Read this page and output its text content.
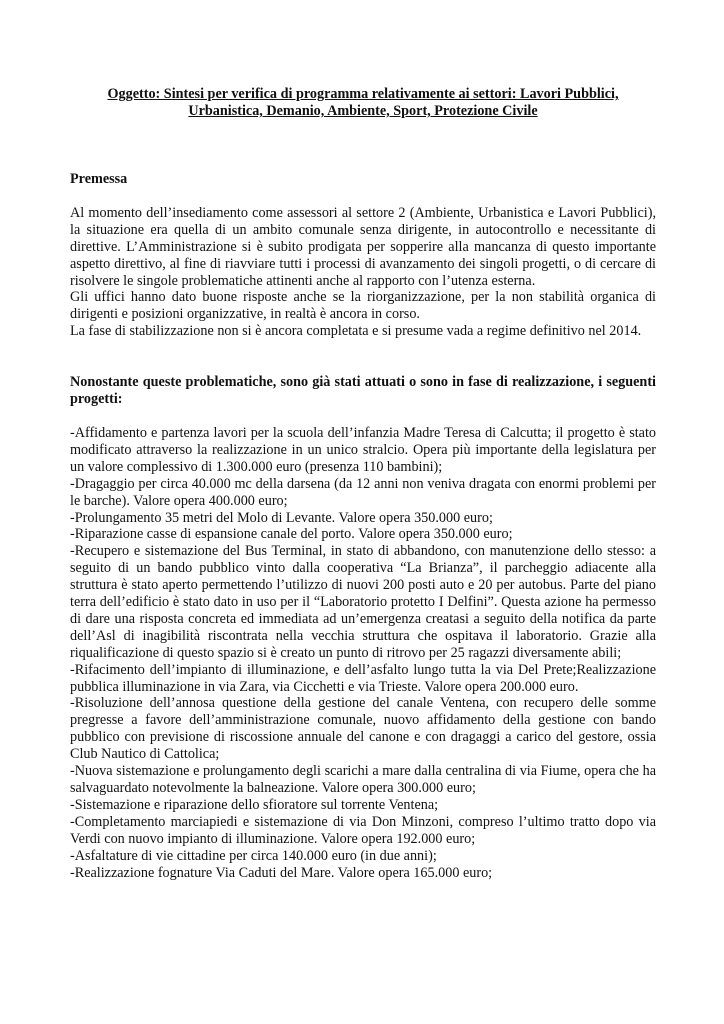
Oggetto: Sintesi per verifica di programma relativamente ai settori: Lavori Pubblici,
Urbanistica, Demanio, Ambiente, Sport, Protezione Civile

Premessa

Al momento dell’insediamento come assessori al settore 2 (Ambiente, Urbanistica e Lavori Pubblici), la situazione era quella di un ambito comunale senza dirigente, in autocontrollo e necessitante di direttive. L’Amministrazione si è subito prodigata per sopperire alla mancanza di questo importante aspetto direttivo, al fine di riavviare tutti i processi di avanzamento dei singoli progetti, o di cercare di risolvere le singole problematiche attinenti anche al rapporto con l’utenza esterna.

Gli uffici hanno dato buone risposte anche se la riorganizzazione, per la non stabilità organica di dirigenti e posizioni organizzative, in realtà è ancora in corso.

La fase di stabilizzazione non si è ancora completata e si presume vada a regime definitivo nel 2014.

Nonostante queste problematiche, sono già stati attuati o sono in fase di realizzazione, i seguenti progetti:

-Affidamento e partenza lavori per la scuola dell’infanzia Madre Teresa di Calcutta; il progetto è stato modificato attraverso la realizzazione in un unico stralcio. Opera più importante della legislatura per un valore complessivo di 1.300.000 euro (presenza 110 bambini);

-Dragaggio per circa 40.000 mc della darsena (da 12 anni non veniva dragata con enormi problemi per le barche). Valore opera 400.000 euro;

-Prolungamento 35 metri del Molo di Levante. Valore opera 350.000 euro;

-Riparazione casse di espansione canale del porto. Valore opera 350.000 euro;

-Recupero e sistemazione del Bus Terminal, in stato di abbandono, con manutenzione dello stesso: a seguito di un bando pubblico vinto dalla cooperativa “La Brianza”, il parcheggio adiacente alla struttura è stato aperto permettendo l’utilizzo di nuovi 200 posti auto e 20 per autobus. Parte del piano terra dell’edificio è stato dato in uso per il “Laboratorio protetto I Delfini”. Questa azione ha permesso di dare una risposta concreta ed immediata ad un’emergenza creatasi a seguito della notifica da parte dell’Asl di inagibilità riscontrata nella vecchia struttura che ospitava il laboratorio. Grazie alla riqualificazione di questo spazio si è creato un punto di ritrovo per 25 ragazzi diversamente abili;

-Rifacimento dell’impianto di illuminazione, e dell’asfalto lungo tutta la via Del Prete;Realizzazione pubblica illuminazione in via Zara, via Cicchetti e via Trieste. Valore opera 200.000 euro.

-Risoluzione dell’annosa questione della gestione del canale Ventena, con recupero delle somme pregresse a favore dell’amministrazione comunale, nuovo affidamento della gestione con bando pubblico con previsione di riscossione annuale del canone e con dragaggi a carico del gestore, ossia Club Nautico di Cattolica;

-Nuova sistemazione e prolungamento degli scarichi a mare dalla centralina di via Fiume, opera che ha salvaguardato notevolmente la balneazione. Valore opera 300.000 euro;

-Sistemazione e riparazione dello sfioratore sul torrente Ventena;

-Completamento marciapiedi e sistemazione di via Don Minzoni, compreso l’ultimo tratto dopo via Verdi con nuovo impianto di illuminazione. Valore opera 192.000 euro;

-Asfaltature di vie cittadine per circa 140.000 euro (in due anni);

-Realizzazione fognature Via Caduti del Mare. Valore opera 165.000 euro;
